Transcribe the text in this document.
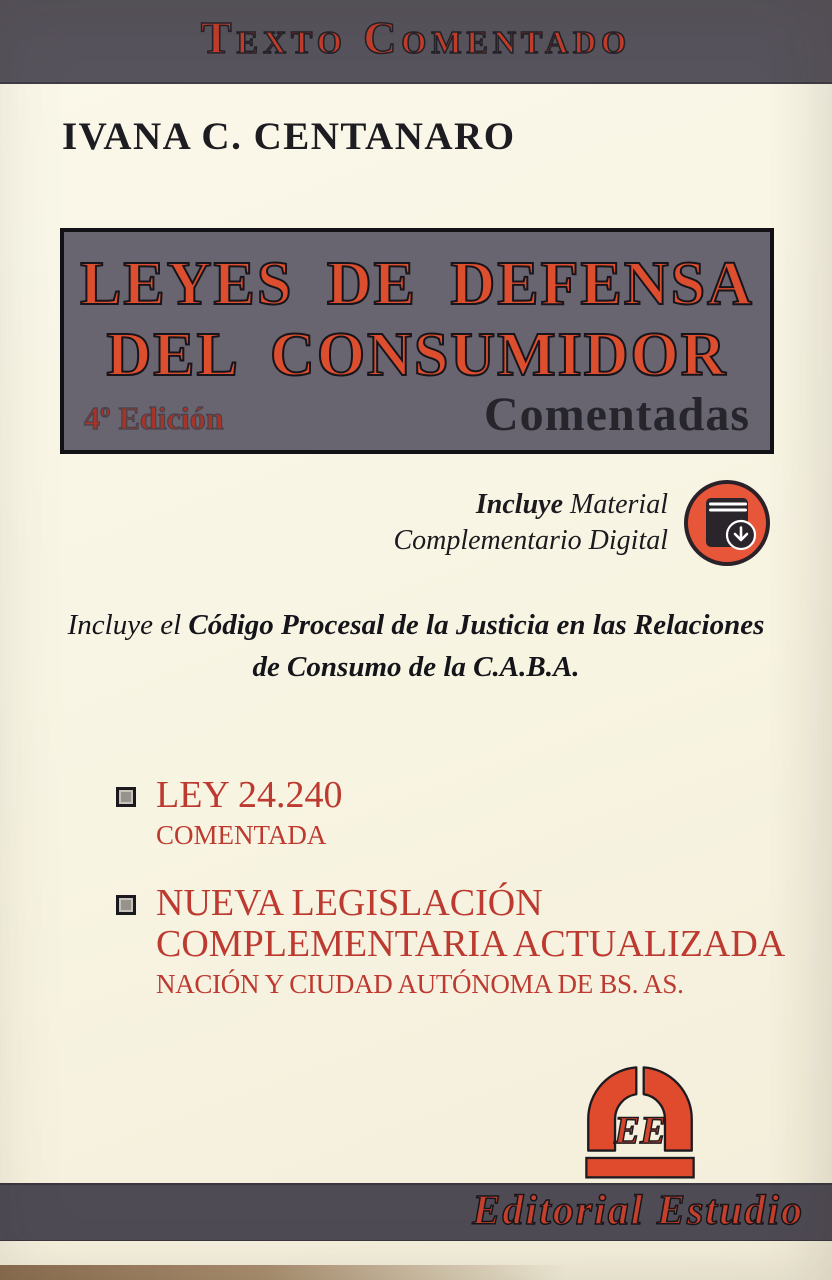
Texto Comentado
IVANA C. CENTANARO
LEYES DE DEFENSA
DEL CONSUMIDOR
4º Edición	Comentadas
Incluye Material
Complementario Digital
Incluye el Código Procesal de la Justicia en las Relaciones
de Consumo de la C.A.B.A.
LEY 24.240
COMENTADA
NUEVA LEGISLACIÓN
COMPLEMENTARIA ACTUALIZADA
NACIÓN Y CIUDAD AUTÓNOMA DE BS. AS.
EE
Editorial Estudio
